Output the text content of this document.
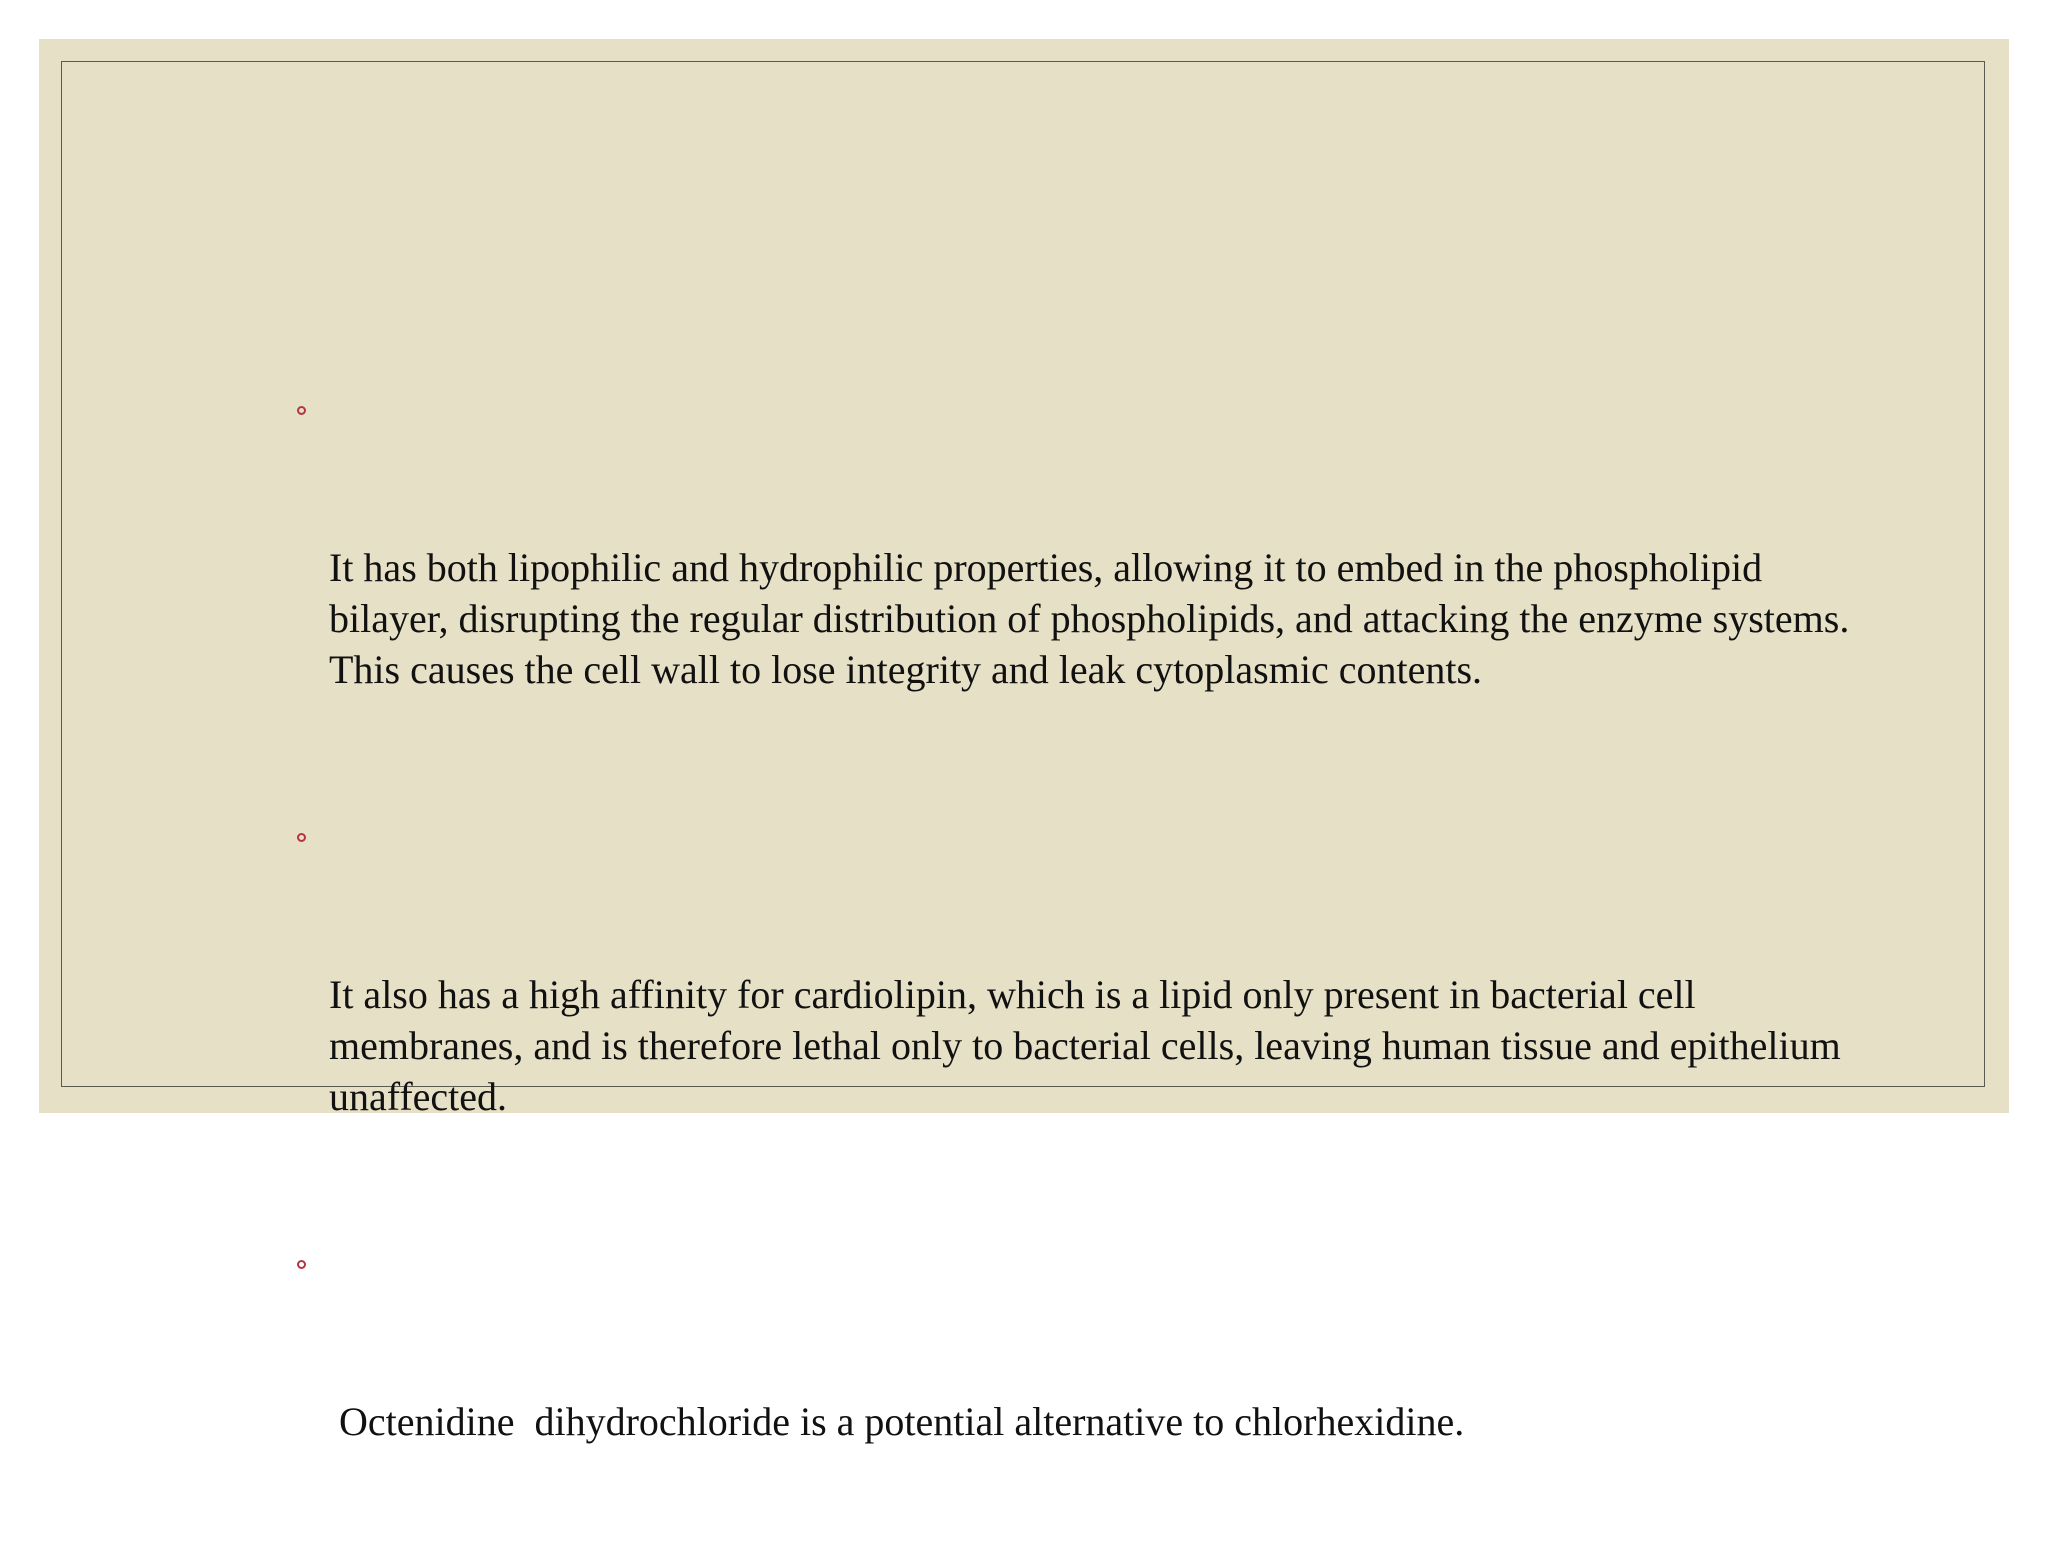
It has both lipophilic and hydrophilic properties, allowing it to embed in the phospholipid bilayer, disrupting the regular distribution of phospholipids, and attacking the enzyme systems. This causes the cell wall to lose integrity and leak cytoplasmic contents.

It also has a high affinity for cardiolipin, which is a lipid only present in bacterial cell membranes, and is therefore lethal only to bacterial cells, leaving human tissue and epithelium unaffected.

Octenidine  dihydrochloride is a potential alternative to chlorhexidine.
